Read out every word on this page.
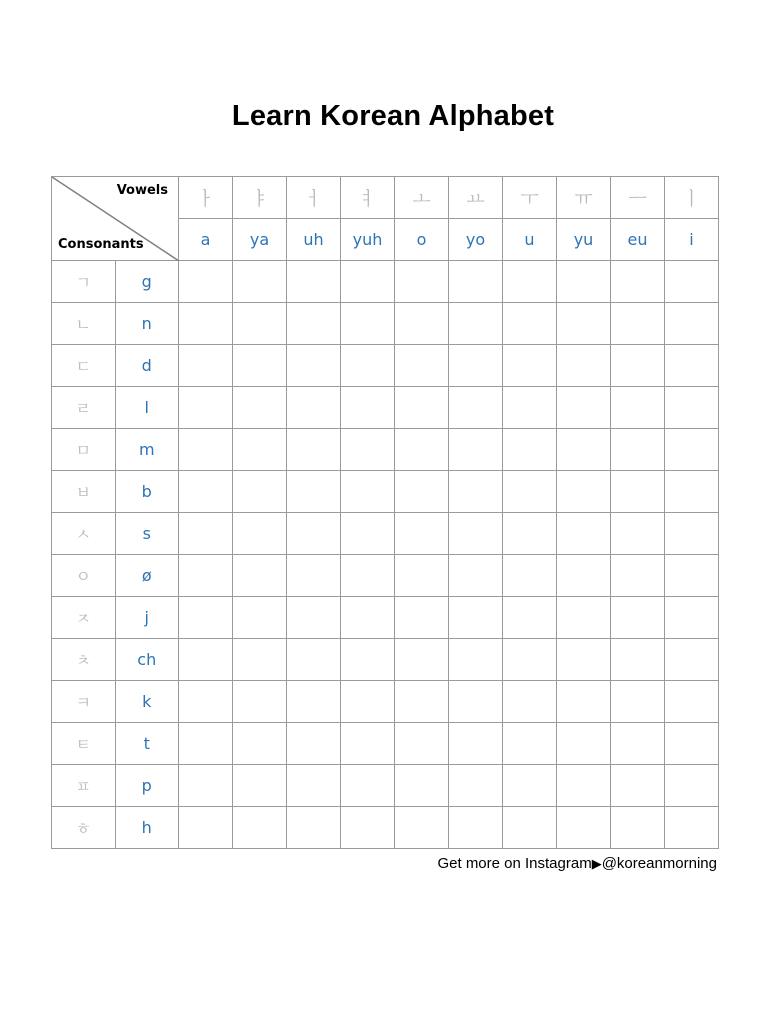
Learn Korean Alphabet
Vowels
Consonants		ㅏ	ㅑ	ㅓ	ㅕ	ㅗ	ㅛ	ㅜ	ㅠ	ㅡ	ㅣ
		a	ya	uh	yuh	o	yo	u	yu	eu	i
ㄱ	g										
ㄴ	n										
ㄷ	d										
ㄹ	l										
ㅁ	m										
ㅂ	b										
ㅅ	s										
ㅇ	ø										
ㅈ	j										
ㅊ	ch										
ㅋ	k										
ㅌ	t										
ㅍ	p										
ㅎ	h										
Get more on Instagram▶@koreanmorning
